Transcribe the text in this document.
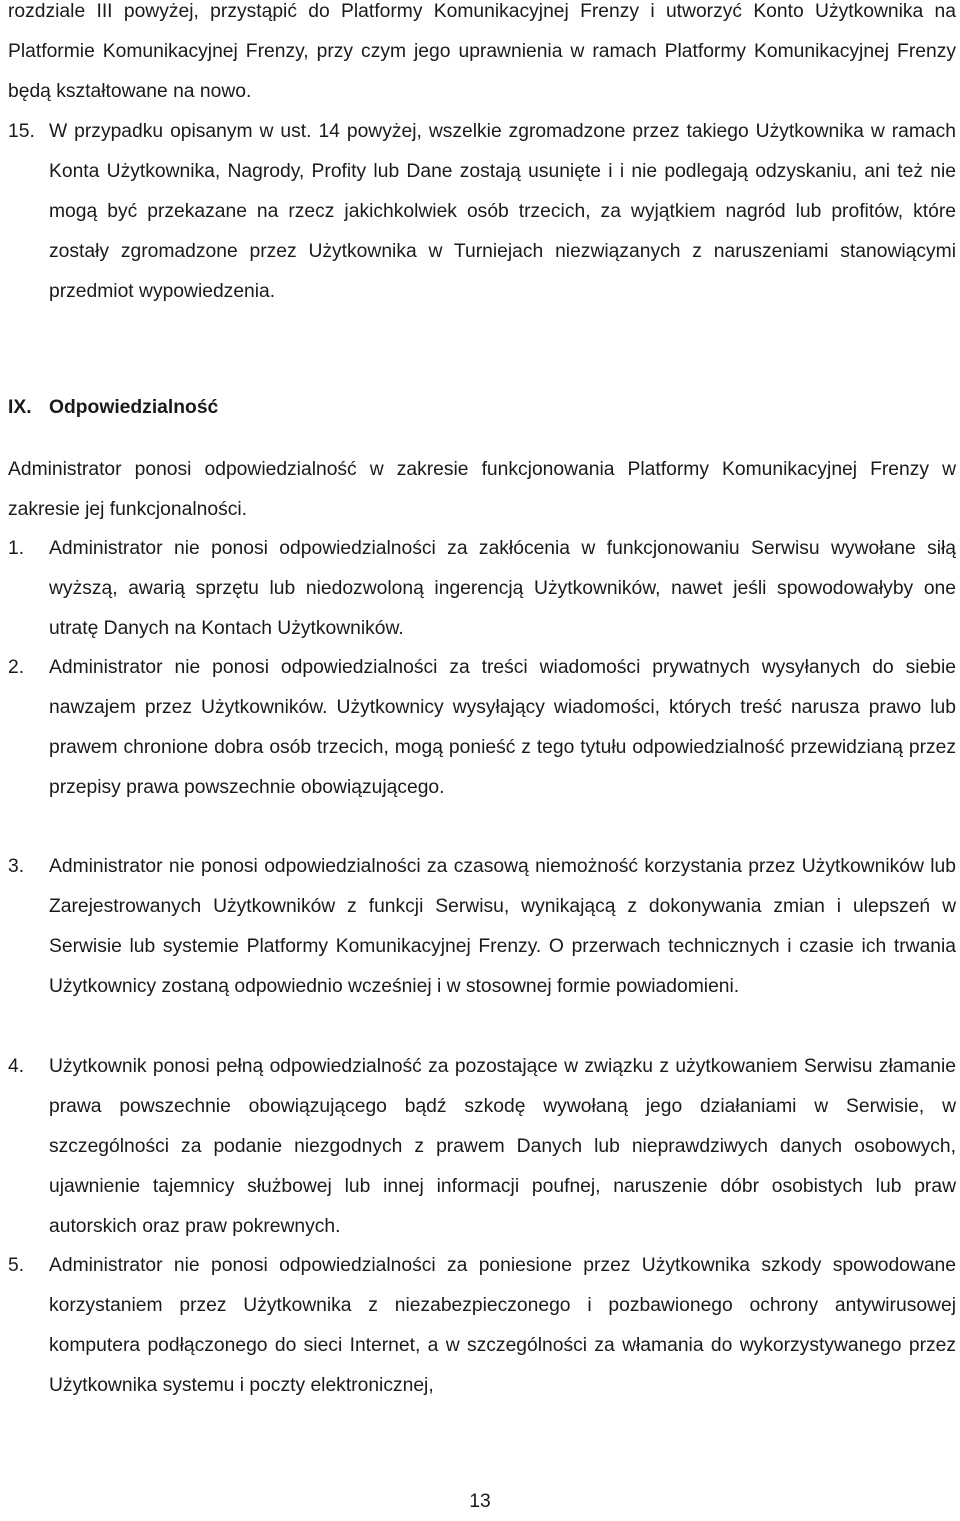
rozdziale III powyżej, przystąpić do Platformy Komunikacyjnej Frenzy i utworzyć Konto Użytkownika na Platformie Komunikacyjnej Frenzy, przy czym jego uprawnienia w ramach Platformy Komunikacyjnej Frenzy będą kształtowane na nowo.

15. W przypadku opisanym w ust. 14 powyżej, wszelkie zgromadzone przez takiego Użytkownika w ramach Konta Użytkownika, Nagrody, Profity lub Dane zostają usunięte i i nie podlegają odzyskaniu, ani też nie mogą być przekazane na rzecz jakichkolwiek osób trzecich, za wyjątkiem nagród lub profitów, które zostały zgromadzone przez Użytkownika w Turniejach niezwiązanych z naruszeniami stanowiącymi przedmiot wypowiedzenia.

IX. Odpowiedzialność

Administrator ponosi odpowiedzialność w zakresie funkcjonowania Platformy Komunikacyjnej Frenzy w zakresie jej funkcjonalności.

1.	Administrator nie ponosi odpowiedzialności za zakłócenia w funkcjonowaniu Serwisu wywołane siłą wyższą, awarią sprzętu lub niedozwoloną ingerencją Użytkowników, nawet jeśli spowodowałyby one utratę Danych na Kontach Użytkowników.
2.	Administrator nie ponosi odpowiedzialności za treści wiadomości prywatnych wysyłanych do siebie nawzajem przez Użytkowników. Użytkownicy wysyłający wiadomości, których treść narusza prawo lub prawem chronione dobra osób trzecich, mogą ponieść z tego tytułu odpowiedzialność przewidzianą przez przepisy prawa powszechnie obowiązującego.
3.	Administrator nie ponosi odpowiedzialności za czasową niemożność korzystania przez Użytkowników lub Zarejestrowanych Użytkowników z funkcji Serwisu, wynikającą z dokonywania zmian i ulepszeń w Serwisie lub systemie Platformy Komunikacyjnej Frenzy. O przerwach technicznych i czasie ich trwania Użytkownicy zostaną odpowiednio wcześniej i w stosownej formie powiadomieni.
4.	Użytkownik ponosi pełną odpowiedzialność za pozostające w związku z użytkowaniem Serwisu złamanie prawa powszechnie obowiązującego bądź szkodę wywołaną jego działaniami w Serwisie, w szczególności za podanie niezgodnych z prawem Danych lub nieprawdziwych danych osobowych, ujawnienie tajemnicy służbowej lub innej informacji poufnej, naruszenie dóbr osobistych lub praw autorskich oraz praw pokrewnych.
5.	Administrator nie ponosi odpowiedzialności za poniesione przez Użytkownika szkody spowodowane korzystaniem przez Użytkownika z niezabezpieczonego i pozbawionego ochrony antywirusowej komputera podłączonego do sieci Internet, a w szczególności za włamania do wykorzystywanego przez Użytkownika systemu i poczty elektronicznej,
13
